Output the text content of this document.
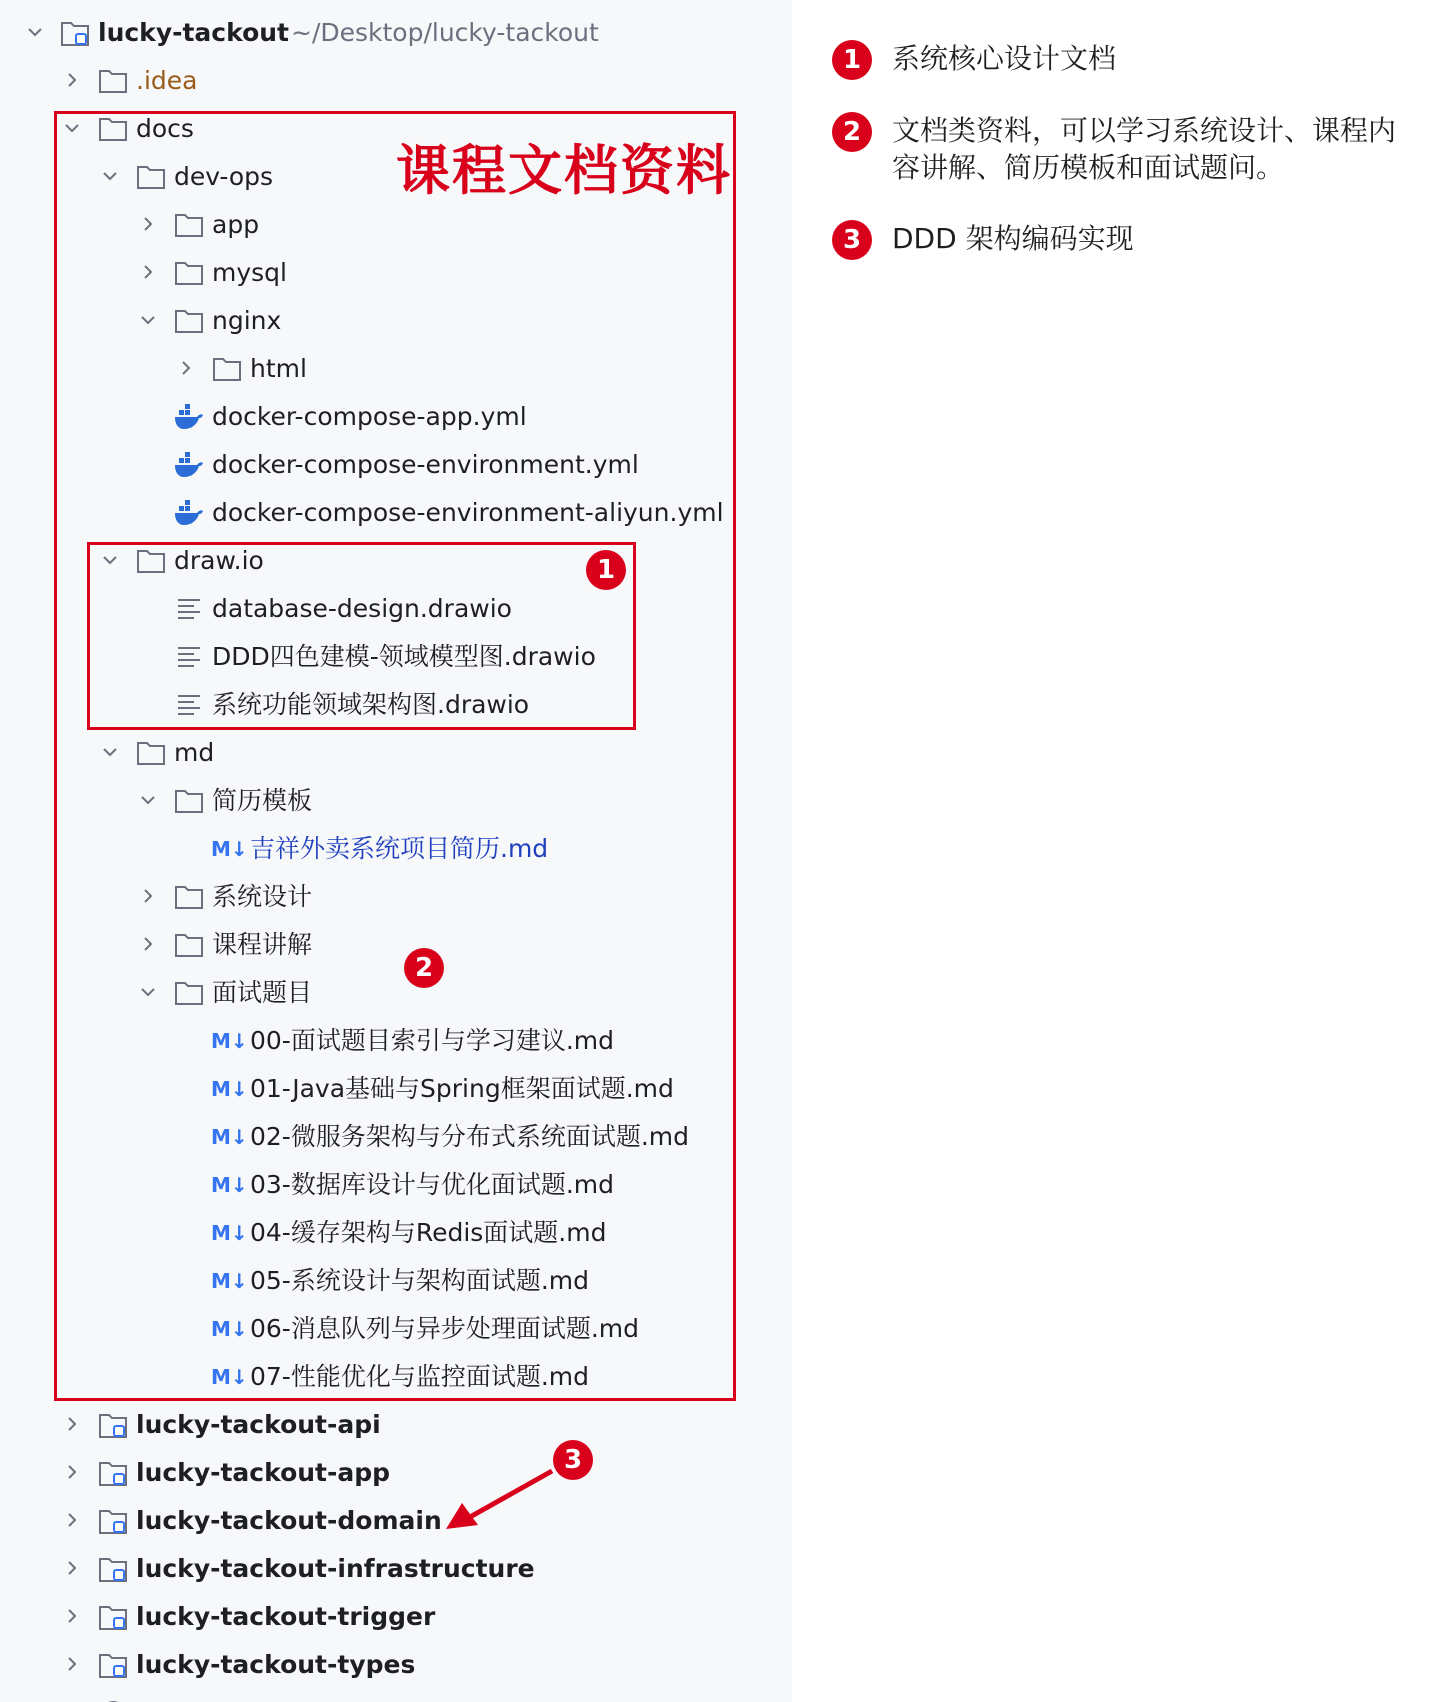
lucky-tackout ~/Desktop/lucky-tackout
.idea
docs
dev-ops
app
mysql
nginx
html
docker-compose-app.yml
docker-compose-environment.yml
docker-compose-environment-aliyun.yml
draw.io
database-design.drawio
DDD四色建模-领域模型图.drawio
系统功能领域架构图.drawio
md
简历模板
M↓ 吉祥外卖系统项目简历.md
系统设计
课程讲解
面试题目
M↓ 00-面试题目索引与学习建议.md
M↓ 01-Java基础与Spring框架面试题.md
M↓ 02-微服务架构与分布式系统面试题.md
M↓ 03-数据库设计与优化面试题.md
M↓ 04-缓存架构与Redis面试题.md
M↓ 05-系统设计与架构面试题.md
M↓ 06-消息队列与异步处理面试题.md
M↓ 07-性能优化与监控面试题.md
lucky-tackout-api
lucky-tackout-app
lucky-tackout-domain
lucky-tackout-infrastructure
lucky-tackout-trigger
lucky-tackout-types
课程文档资料
1
2
3
1	系统核心设计文档
2	文档类资料，可以学习系统设计、课程内容讲解、简历模板和面试题问。
3	DDD 架构编码实现
